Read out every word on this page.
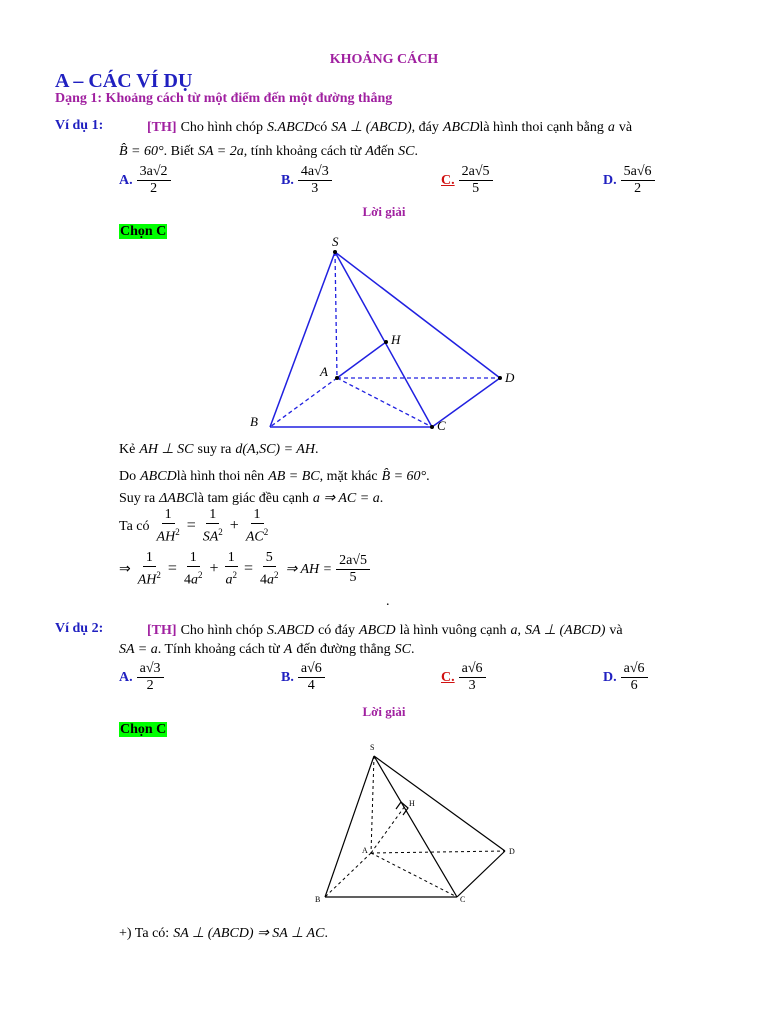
KHOẢNG CÁCH
A – CÁC VÍ DỤ
Dạng 1: Khoảng cách từ một điểm đến một đường thẳng
Ví dụ 1:	[TH] Cho hình chóp S.ABCDcó SA ⊥ (ABCD), đáy ABCDlà hình thoi cạnh bằng a và
B̂ = 60°. Biết SA = 2a, tính khoảng cách từ Ađến SC.
A. $\frac{3a√2}{2}$	B. $\frac{4a√3}{3}$	C. $\frac{2a√5}{5}$	D. $\frac{5a√6}{2}$
Lời giải
Chọn C
S
H
A	D
B	C
Kẻ AH ⊥ SC suy ra d(A,SC) = AH.
Do ABCDlà hình thoi nên AB = BC, mặt khác B̂ = 60°.
Suy ra ΔABClà tam giác đều cạnh a ⇒ AC = a.
Ta có $\frac{1}{AH^2} = \frac{1}{SA^2} + \frac{1}{AC^2}$
⇒ $\frac{1}{AH^2} = \frac{1}{4a^2} + \frac{1}{a^2} = \frac{5}{4a^2}$ ⇒ AH = $\frac{2a√5}{5}$
.
Ví dụ 2:	[TH] Cho hình chóp S.ABCD có đáy ABCD là hình vuông cạnh a, SA ⊥ (ABCD) và
SA = a. Tính khoảng cách từ A đến đường thẳng SC.
A. $\frac{a√3}{2}$	B. $\frac{a√6}{4}$	C. $\frac{a√6}{3}$	D. $\frac{a√6}{6}$
Lời giải
Chọn C
S
H
A	D
B	C
+) Ta có: SA ⊥ (ABCD) ⇒ SA ⊥ AC.
